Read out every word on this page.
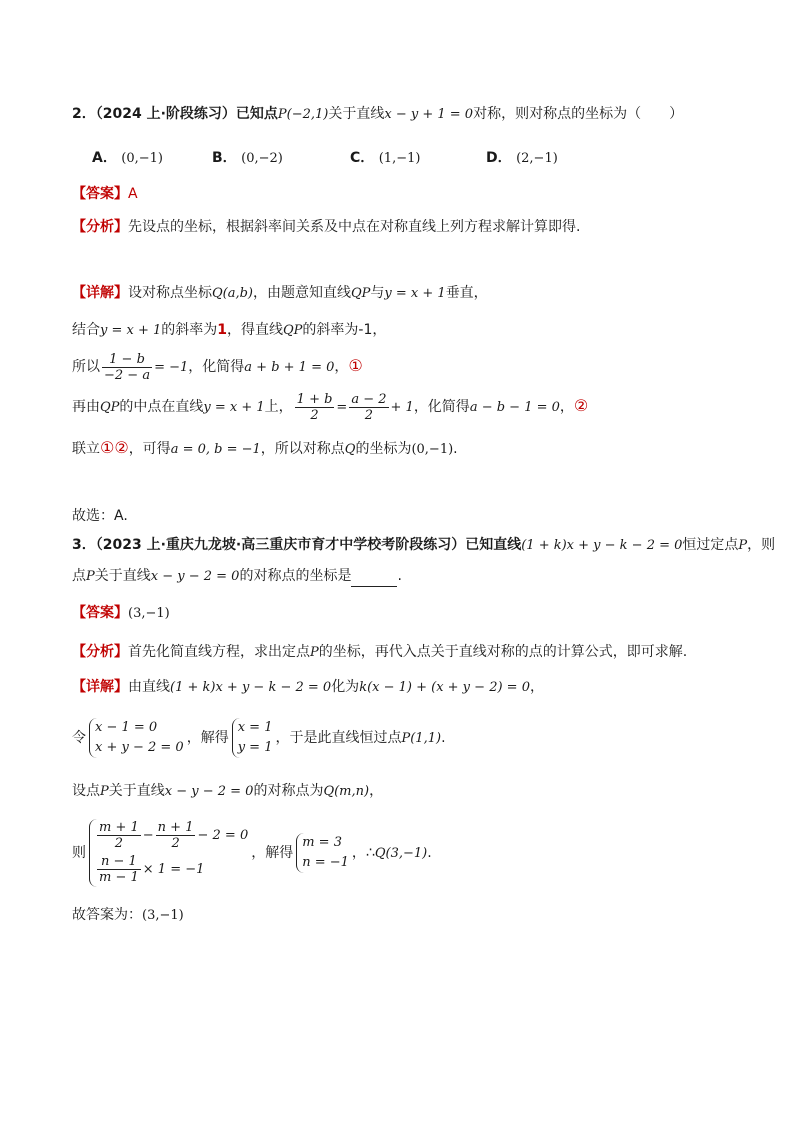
2．（2024 上·阶段练习）已知点P(−2,1)关于直线x − y + 1 = 0对称，则对称点的坐标为（　　）
A． (0,−1)	B． (0,−2)	C． (1,−1)	D． (2,−1)
【答案】A
【分析】先设点的坐标，根据斜率间关系及中点在对称直线上列方程求解计算即得.
【详解】设对称点坐标Q(a,b)，由题意知直线QP与y = x + 1垂直，
结合y = x + 1的斜率为1，得直线QP的斜率为-1，
所以 $\frac{1 - b}{-2 - a} = -1$，化简得a + b + 1 = 0，①
再由QP的中点在直线y = x + 1上， $\frac{1 + b}{2} = \frac{a - 2}{2} + 1$，化简得a − b − 1 = 0，②
联立①②，可得a = 0, b = −1，所以对称点Q的坐标为(0,−1).
故选：A.
3．（2023 上·重庆九龙坡·高三重庆市育才中学校考阶段练习）已知直线(1 + k)x + y − k − 2 = 0恒过定点P，则
点P关于直线x − y − 2 = 0的对称点的坐标是	.
【答案】(3,−1)
【分析】首先化简直线方程，求出定点P的坐标，再代入点关于直线对称的点的计算公式，即可求解.
【详解】由直线(1 + k)x + y − k − 2 = 0化为k(x − 1) + (x + y − 2) = 0，
令
x − 1 = 0
x + y − 2 = 0
，解得
x = 1
y = 1
，于是此直线恒过点P(1,1).
设点P关于直线x − y − 2 = 0的对称点为Q(m,n)，
则
$\frac{m + 1}{2} - \frac{n + 1}{2} - 2 = 0$
$\frac{n - 1}{m - 1} \times 1 = -1$
，解得
m = 3
n = −1
，∴Q(3,−1).
故答案为：(3,−1)
